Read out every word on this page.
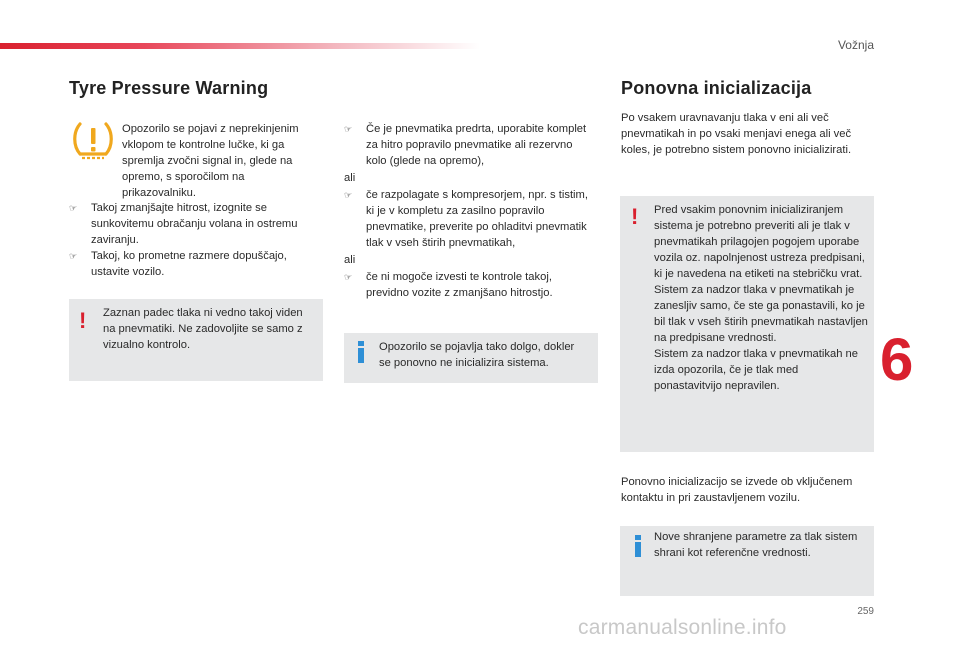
Vožnja
259
6
carmanualsonline.info
Tyre Pressure Warning
Opozorilo se pojavi z neprekinjenim vklopom te kontrolne lučke, ki ga spremlja zvočni signal in, glede na opremo, s sporočilom na prikazovalniku.
☞ Takoj zmanjšajte hitrost, izognite se sunkovitemu obračanju volana in ostremu zaviranju.
☞ Takoj, ko prometne razmere dopuščajo, ustavite vozilo.
! Zaznan padec tlaka ni vedno takoj viden na pnevmatiki. Ne zadovoljite se samo z vizualno kontrolo.
☞ Če je pnevmatika predrta, uporabite komplet za hitro popravilo pnevmatike ali rezervno kolo (glede na opremo),
ali
☞ če razpolagate s kompresorjem, npr. s tistim, ki je v kompletu za zasilno popravilo pnevmatike, preverite po ohladitvi pnevmatik tlak v vseh štirih pnevmatikah,
ali
☞ če ni mogoče izvesti te kontrole takoj, previdno vozite z zmanjšano hitrostjo.
Opozorilo se pojavlja tako dolgo, dokler se ponovno ne inicializira sistema.
Ponovna inicializacija
Po vsakem uravnavanju tlaka v eni ali več pnevmatikah in po vsaki menjavi enega ali več koles, je potrebno sistem ponovno inicializirati.
! Pred vsakim ponovnim inicializiranjem sistema je potrebno preveriti ali je tlak v pnevmatikah prilagojen pogojem uporabe vozila oz. napolnjenost ustreza predpisani, ki je navedena na etiketi na stebričku vrat.
Sistem za nadzor tlaka v pnevmatikah je zanesljiv samo, če ste ga ponastavili, ko je bil tlak v vseh štirih pnevmatikah nastavljen na predpisane vrednosti.
Sistem za nadzor tlaka v pnevmatikah ne izda opozorila, če je tlak med ponastavitvijo nepravilen.
Ponovno inicializacijo se izvede ob vključenem kontaktu in pri zaustavljenem vozilu.
Nove shranjene parametre za tlak sistem shrani kot referenčne vrednosti.
